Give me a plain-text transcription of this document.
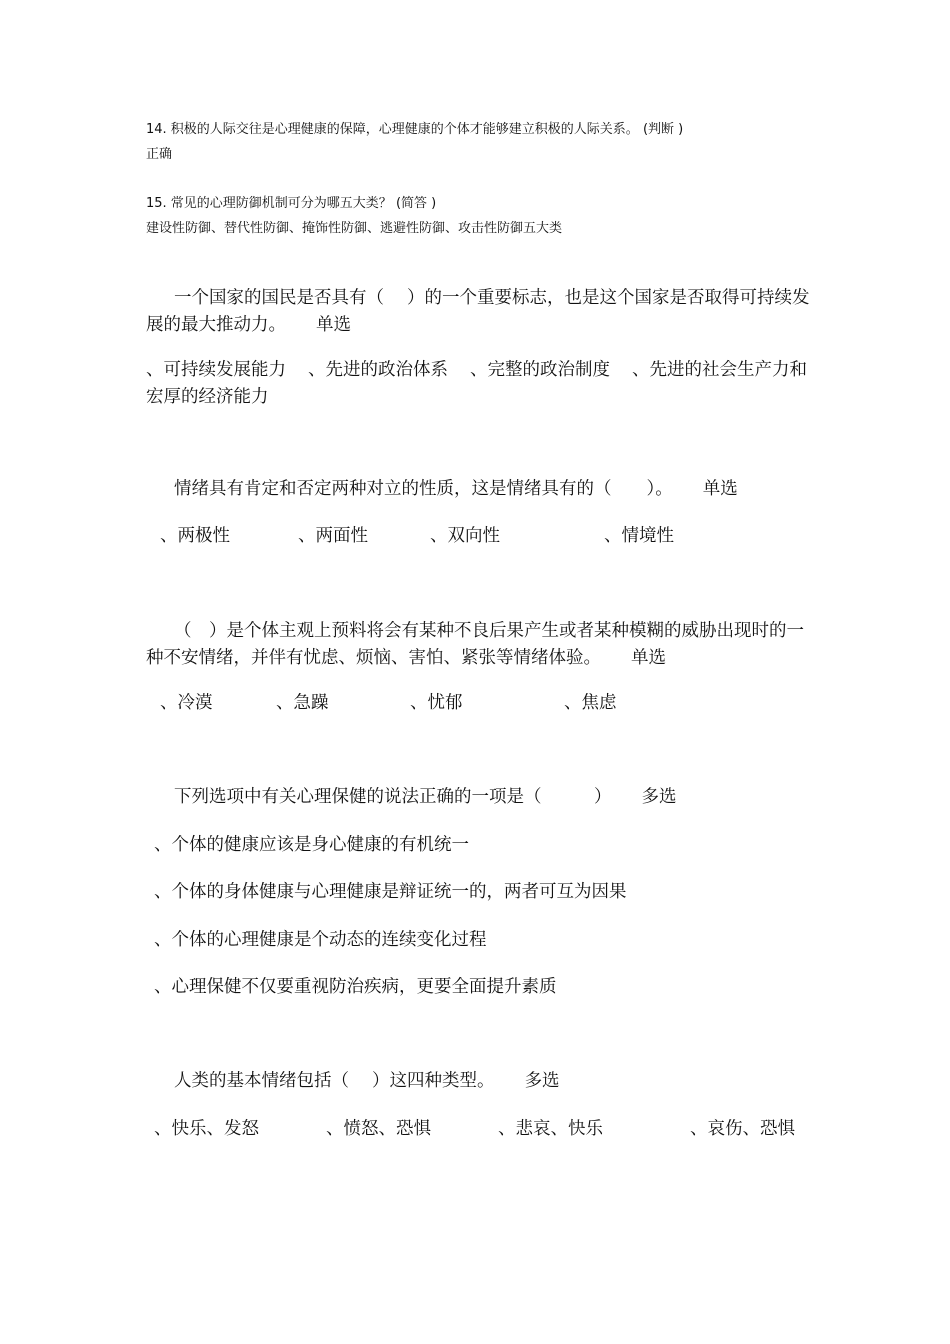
14. 积极的人际交往是心理健康的保障，心理健康的个体才能够建立积极的人际关系。 (判断 )
正确
15. 常见的心理防御机制可分为哪五大类？ (简答 )
建设性防御、替代性防御、掩饰性防御、逃避性防御、攻击性防御五大类
一个国家的国民是否具有（　 ）的一个重要标志，也是这个国家是否取得可持续发展的最大推动力。 单选
、可持续发展能力 、先进的政治体系 、完整的政治制度 、先进的社会生产力和宏厚的经济能力
情绪具有肯定和否定两种对立的性质，这是情绪具有的（　　）。 单选
、两极性	、两面性	、双向性	、情境性
（　）是个体主观上预料将会有某种不良后果产生或者某种模糊的威胁出现时的一种不安情绪，并伴有忧虑、烦恼、害怕、紧张等情绪体验。 单选
、冷漠	、急躁	、忧郁	、焦虑
下列选项中有关心理保健的说法正确的一项是（　　　） 多选
、个体的健康应该是身心健康的有机统一
、个体的身体健康与心理健康是辩证统一的，两者可互为因果
、个体的心理健康是个动态的连续变化过程
、心理保健不仅要重视防治疾病，更要全面提升素质
人类的基本情绪包括（　 ）这四种类型。 多选
、快乐、发怒	、愤怒、恐惧	、悲哀、快乐	、哀伤、恐惧
